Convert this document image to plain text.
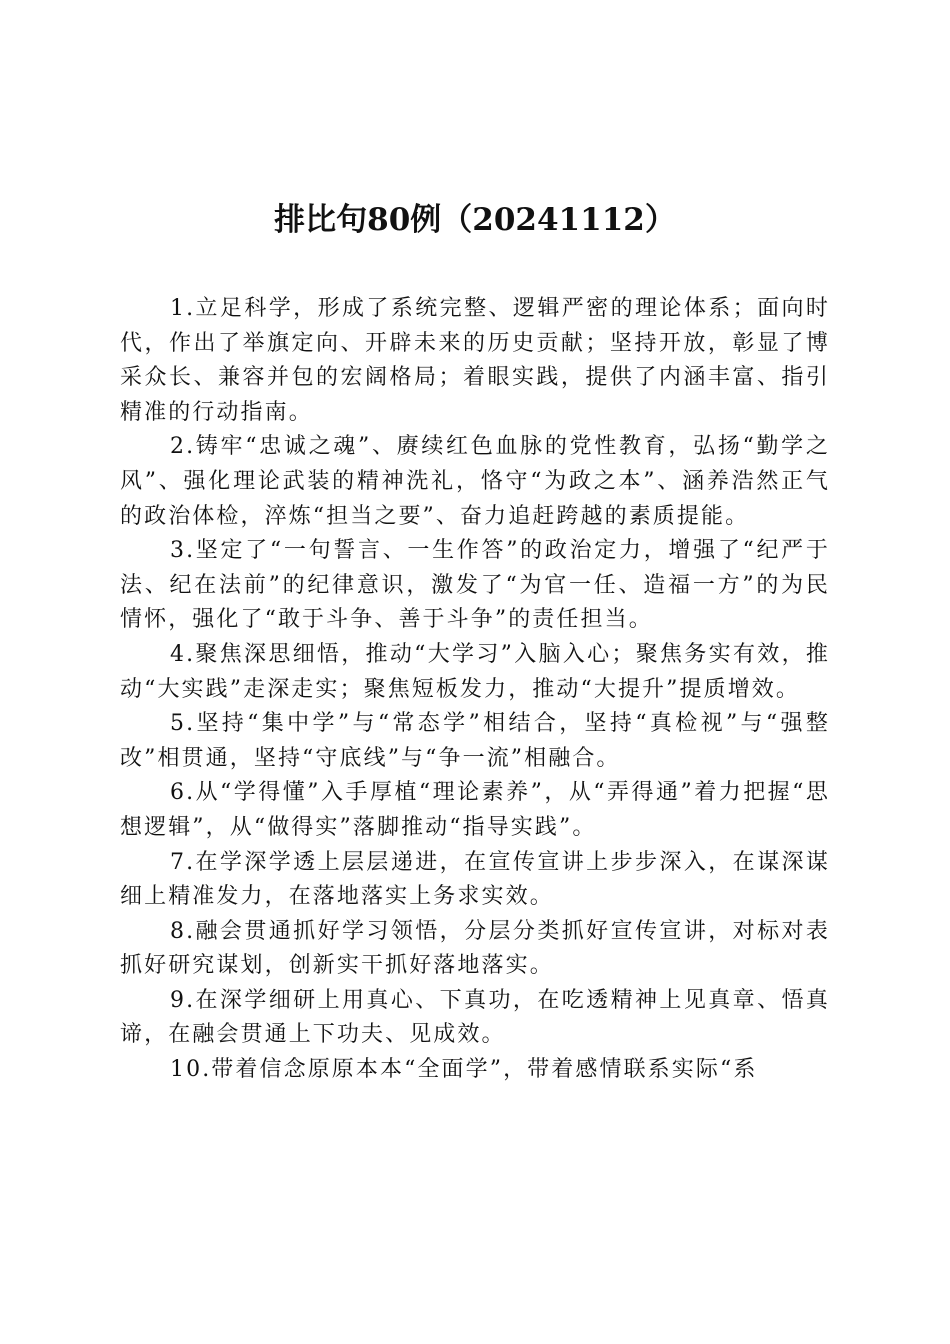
排比句80例（20241112）

1.立足科学，形成了系统完整、逻辑严密的理论体系；面向时代，作出了举旗定向、开辟未来的历史贡献；坚持开放，彰显了博采众长、兼容并包的宏阔格局；着眼实践，提供了内涵丰富、指引精准的行动指南。

2.铸牢“忠诚之魂”、赓续红色血脉的党性教育，弘扬“勤学之风”、强化理论武装的精神洗礼，恪守“为政之本”、涵养浩然正气的政治体检，淬炼“担当之要”、奋力追赶跨越的素质提能。

3.坚定了“一句誓言、一生作答”的政治定力，增强了“纪严于法、纪在法前”的纪律意识，激发了“为官一任、造福一方”的为民情怀，强化了“敢于斗争、善于斗争”的责任担当。

4.聚焦深思细悟，推动“大学习”入脑入心；聚焦务实有效，推动“大实践”走深走实；聚焦短板发力，推动“大提升”提质增效。

5.坚持“集中学”与“常态学”相结合，坚持“真检视”与“强整改”相贯通，坚持“守底线”与“争一流”相融合。

6.从“学得懂”入手厚植“理论素养”，从“弄得通”着力把握“思想逻辑”，从“做得实”落脚推动“指导实践”。

7.在学深学透上层层递进，在宣传宣讲上步步深入，在谋深谋细上精准发力，在落地落实上务求实效。

8.融会贯通抓好学习领悟，分层分类抓好宣传宣讲，对标对表抓好研究谋划，创新实干抓好落地落实。

9.在深学细研上用真心、下真功，在吃透精神上见真章、悟真谛，在融会贯通上下功夫、见成效。

10.带着信念原原本本“全面学”，带着感情联系实际“系
